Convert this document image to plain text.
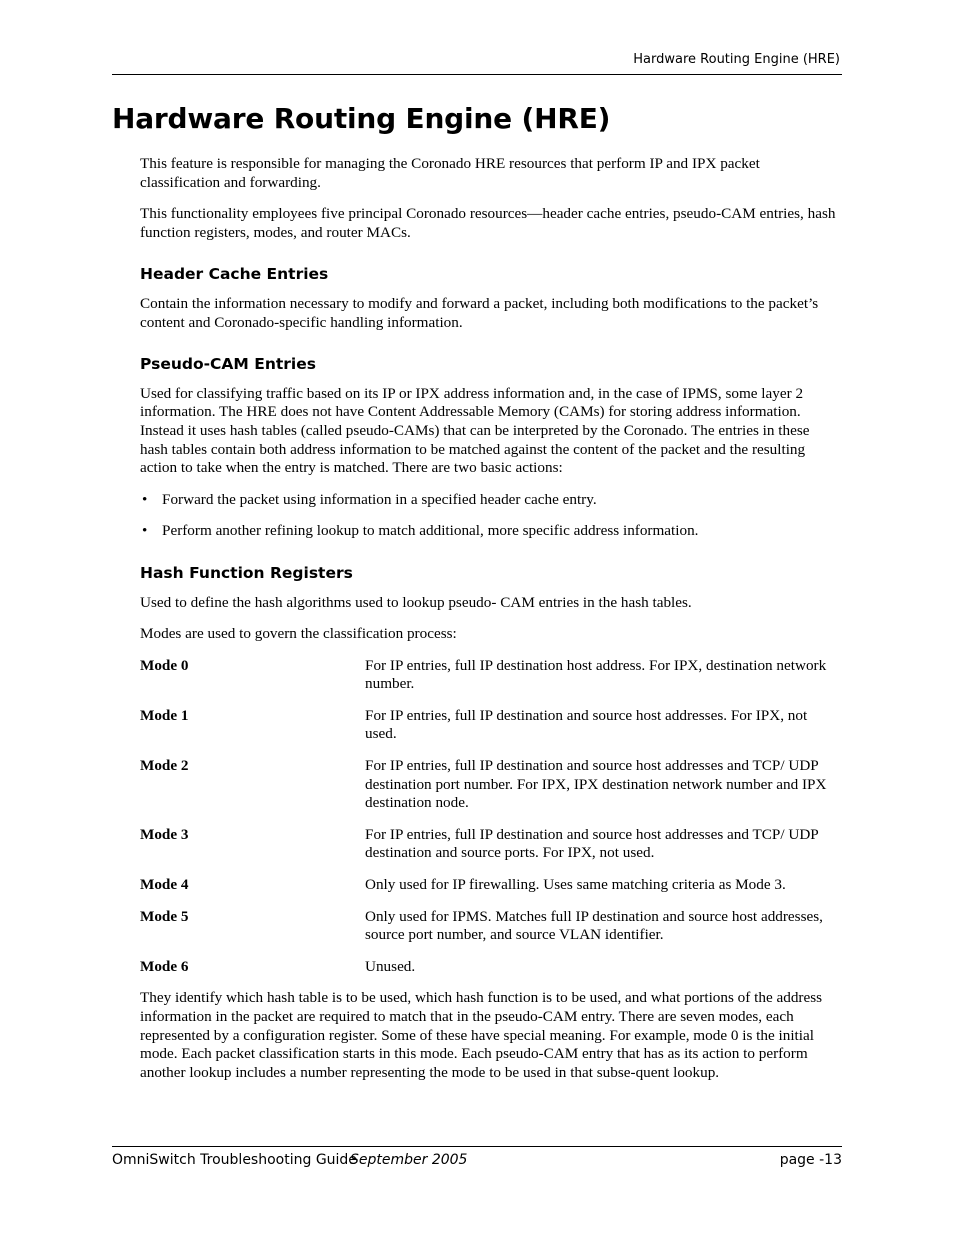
Hardware Routing Engine (HRE)
Hardware Routing Engine (HRE)

This feature is responsible for managing the Coronado HRE resources that perform IP and IPX packet classification and forwarding.

This functionality employees five principal Coronado resources—header cache entries, pseudo-CAM entries, hash function registers, modes, and router MACs.

Header Cache Entries

Contain the information necessary to modify and forward a packet, including both modifications to the packet’s content and Coronado-specific handling information.

Pseudo-CAM Entries

Used for classifying traffic based on its IP or IPX address information and, in the case of IPMS, some layer 2 information. The HRE does not have Content Addressable Memory (CAMs) for storing address information. Instead it uses hash tables (called pseudo-CAMs) that can be interpreted by the Coronado. The entries in these hash tables contain both address information to be matched against the content of the packet and the resulting action to take when the entry is matched. There are two basic actions:

• Forward the packet using information in a specified header cache entry.
• Perform another refining lookup to match additional, more specific address information.
Hash Function Registers

Used to define the hash algorithms used to lookup pseudo- CAM entries in the hash tables.

Modes are used to govern the classification process:

Mode 0	For IP entries, full IP destination host address. For IPX, destination network number.
Mode 1	For IP entries, full IP destination and source host addresses. For IPX, not used.
Mode 2	For IP entries, full IP destination and source host addresses and TCP/ UDP destination port number. For IPX, IPX destination network number and IPX destination node.
Mode 3	For IP entries, full IP destination and source host addresses and TCP/ UDP destination and source ports. For IPX, not used.
Mode 4	Only used for IP firewalling. Uses same matching criteria as Mode 3.
Mode 5	Only used for IPMS. Matches full IP destination and source host addresses, source port number, and source VLAN identifier.
Mode 6	Unused.

They identify which hash table is to be used, which hash function is to be used, and what portions of the address information in the packet are required to match that in the pseudo-CAM entry. There are seven modes, each represented by a configuration register. Some of these have special meaning. For example, mode 0 is the initial mode. Each packet classification starts in this mode. Each pseudo-CAM entry that has as its action to perform another lookup includes a number representing the mode to be used in that subse-quent lookup.

OmniSwitch Troubleshooting Guide
September 2005	page -13
